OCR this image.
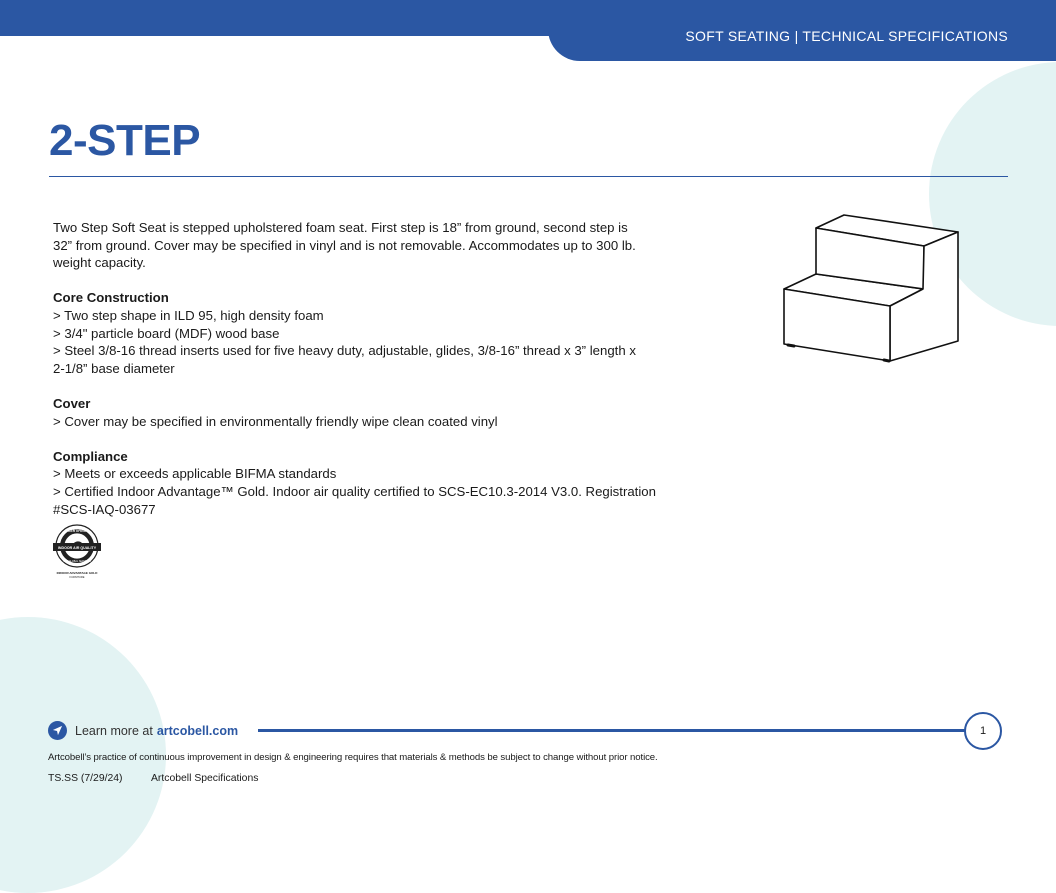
SOFT SEATING | TECHNICAL SPECIFICATIONS
2-STEP

Two Step Soft Seat is stepped upholstered foam seat. First step is 18” from ground, second step is

32” from ground. Cover may be specified in vinyl and is not removable. Accommodates up to 300 lb.

weight capacity.

Core Construction

> Two step shape in ILD 95, high density foam

> 3/4" particle board (MDF) wood base

> Steel 3/8-16 thread inserts used for five heavy duty, adjustable, glides, 3/8-16” thread x 3” length x

2-1/8” base diameter

Cover

> Cover may be specified in environmentally friendly wipe clean coated vinyl

Compliance

> Meets or exceeds applicable BIFMA standards

> Certified Indoor Advantage™ Gold. Indoor air quality certified to SCS-EC10.3-2014 V3.0. Registration

#SCS-IAQ-03677

INDOOR AIR QUALITY
CERTIFIED
SCS GLOBAL SERVICES
INDOOR ADVANTAGE GOLD
FURNITURE
Learn more at artcobell.com	1
Artcobell’s practice of continuous improvement in design & engineering requires that materials & methods be subject to change without prior notice.
TS.SS (7/29/24)	Artcobell Specifications
